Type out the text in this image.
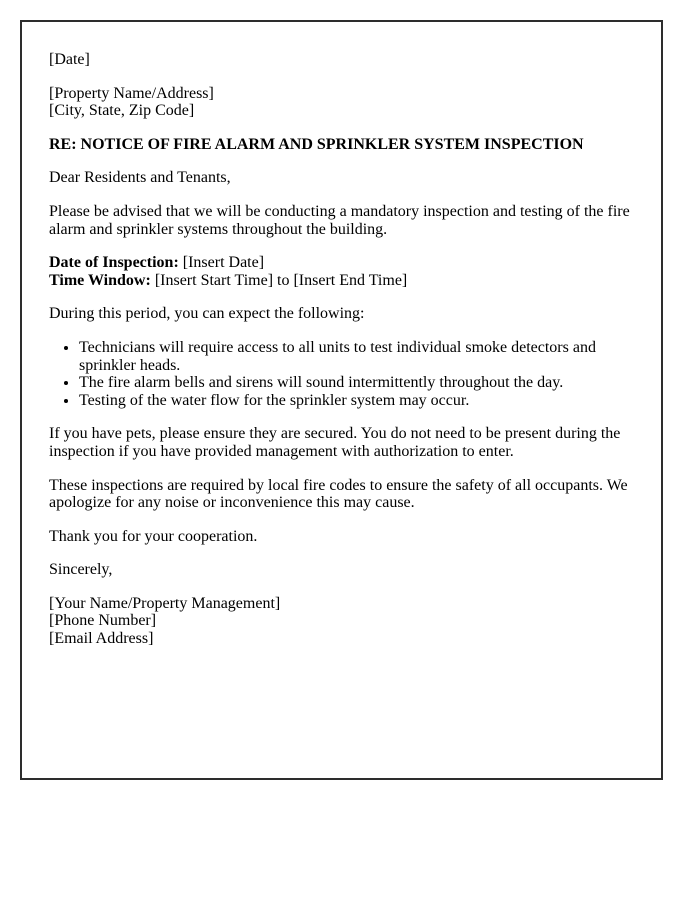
[Date]

[Property Name/Address]
[City, State, Zip Code]

RE: NOTICE OF FIRE ALARM AND SPRINKLER SYSTEM INSPECTION

Dear Residents and Tenants,

Please be advised that we will be conducting a mandatory inspection and testing of the fire alarm and sprinkler systems throughout the building.

Date of Inspection: [Insert Date]
Time Window: [Insert Start Time] to [Insert End Time]

During this period, you can expect the following:

• Technicians will require access to all units to test individual smoke detectors and sprinkler heads.
• The fire alarm bells and sirens will sound intermittently throughout the day.
• Testing of the water flow for the sprinkler system may occur.

If you have pets, please ensure they are secured. You do not need to be present during the inspection if you have provided management with authorization to enter.

These inspections are required by local fire codes to ensure the safety of all occupants. We apologize for any noise or inconvenience this may cause.

Thank you for your cooperation.

Sincerely,

[Your Name/Property Management]
[Phone Number]
[Email Address]
